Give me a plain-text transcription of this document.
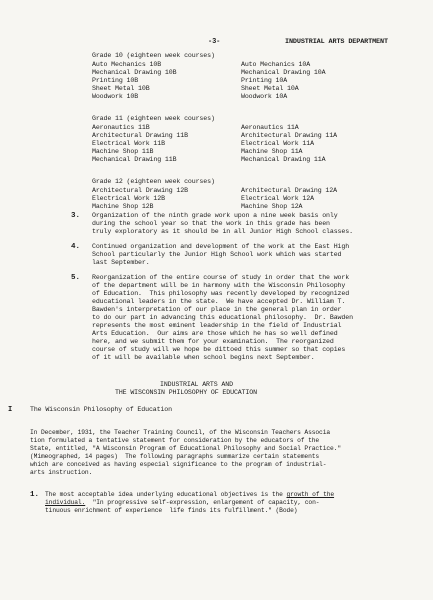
-3-	INDUSTRIAL ARTS DEPARTMENT
Grade 10 (eighteen week courses)
Auto Mechanics 10B
Mechanical Drawing 10B
Printing 10B
Sheet Metal 10B
Woodwork 10B
Auto Mechanics 10A
Mechanical Drawing 10A
Printing 10A
Sheet Metal 10A
Woodwork 10A
Grade 11 (eighteen week courses)
Aeronautics 11B
Architectural Drawing 11B
Electrical Work 11B
Machine Shop 11B
Mechanical Drawing 11B
Aeronautics 11A
Architectural Drawing 11A
Electrical Work 11A
Machine Shop 11A
Mechanical Drawing 11A
Grade 12 (eighteen week courses)
Architectural Drawing 12B
Electrical Work 12B
Machine Shop 12B
Architectural Drawing 12A
Electrical Work 12A
Machine Shop 12A
3. Organization of the ninth grade work upon a nine week basis only
during the school year so that the work in this grade has been
truly exploratory as it should be in all Junior High School classes.
4. Continued organization and development of the work at the East High
School particularly the Junior High School work which was started
last September.
5. Reorganization of the entire course of study in order that the work
of the department will be in harmony with the Wisconsin Philosophy
of Education.  This philosophy was recently developed by recognized
educational leaders in the state.  We have accepted Dr. William T.
Bawden's interpretation of our place in the general plan in order
to do our part in advancing this educational philosophy.  Dr. Bawden
represents the most eminent leadership in the field of Industrial
Arts Education.  Our aims are those which he has so well defined
here, and we submit them for your examination.  The reorganized
course of study will we hope be dittoed this summer so that copies
of it will be available when school begins next September.
INDUSTRIAL ARTS AND
THE WISCONSIN PHILOSOPHY OF EDUCATION
I	The Wisconsin Philosophy of Education
In December, 1931, the Teacher Training Council, of the Wisconsin Teachers Associa
tion formulated a tentative statement for consideration by the educators of the
State, entitled, "A Wisconsin Program of Educational Philosophy and Social Practice."
(Mimeographed, 14 pages)  The following paragraphs summarize certain statements
which are conceived as having especial significance to the program of industrial-
arts instruction.
1. The most acceptable idea underlying educational objectives is the growth of the
individual.  "In progressive self-expression, enlargement of capacity, con-
tinuous enrichment of experience  life finds its fulfillment." (Bode)
